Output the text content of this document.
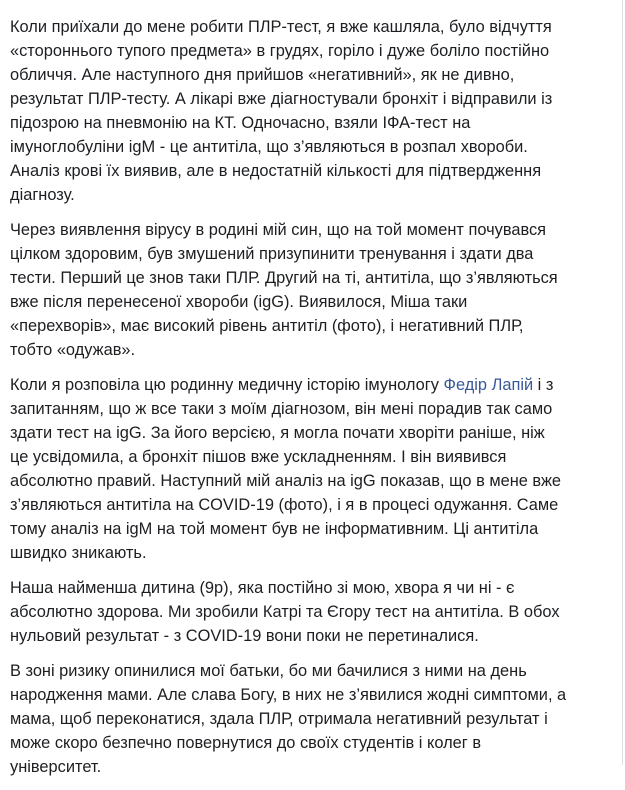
Коли приїхали до мене робити ПЛР-тест, я вже кашляла, було відчуття
«стороннього тупого предмета» в грудях, горіло і дуже боліло постійно
обличчя. Але наступного дня прийшов «негативний», як не дивно,
результат ПЛР-тесту. А лікарі вже діагностували бронхіт і відправили із
підозрою на пневмонію на КТ. Одночасно, взяли ІФА-тест на
імуноглобуліни igM - це антитіла, що з’являються в розпал хвороби.
Аналіз крові їх виявив, але в недостатній кількості для підтвердження
діагнозу.

Через виявлення вірусу в родині мій син, що на той момент почувався
цілком здоровим, був змушений призупинити тренування і здати два
тести. Перший це знов таки ПЛР. Другий на ті, антитіла, що з’являються
вже після перенесеної хвороби (igG). Виявилося, Міша таки
«перехворів», має високий рівень антитіл (фото), і негативний ПЛР,
тобто «одужав».

Коли я розповіла цю родинну медичну історію імунологу Федір Лапій і з
запитанням, що ж все таки з моїм діагнозом, він мені порадив так само
здати тест на igG. За його версією, я могла почати хворіти раніше, ніж
це усвідомила, а бронхіт пішов вже ускладненням. І він виявився
абсолютно правий. Наступний мій аналіз на igG показав, що в мене вже
з’являються антитіла на COVID-19 (фото), і я в процесі одужання. Саме
тому аналіз на igM на той момент був не інформативним. Ці антитіла
швидко зникають.

Наша найменша дитина (9р), яка постійно зі мою, хвора я чи ні - є
абсолютно здорова. Ми зробили Катрі та Єгору тест на антитіла. В обох
нульовий результат - з COVID-19 вони поки не перетиналися.

В зоні ризику опинилися мої батьки, бо ми бачилися з ними на день
народження мами. Але слава Богу, в них не з’явилися жодні симптоми, а
мама, щоб переконатися, здала ПЛР, отримала негативний результат і
може скоро безпечно повернутися до своїх студентів і колег в
університет.
